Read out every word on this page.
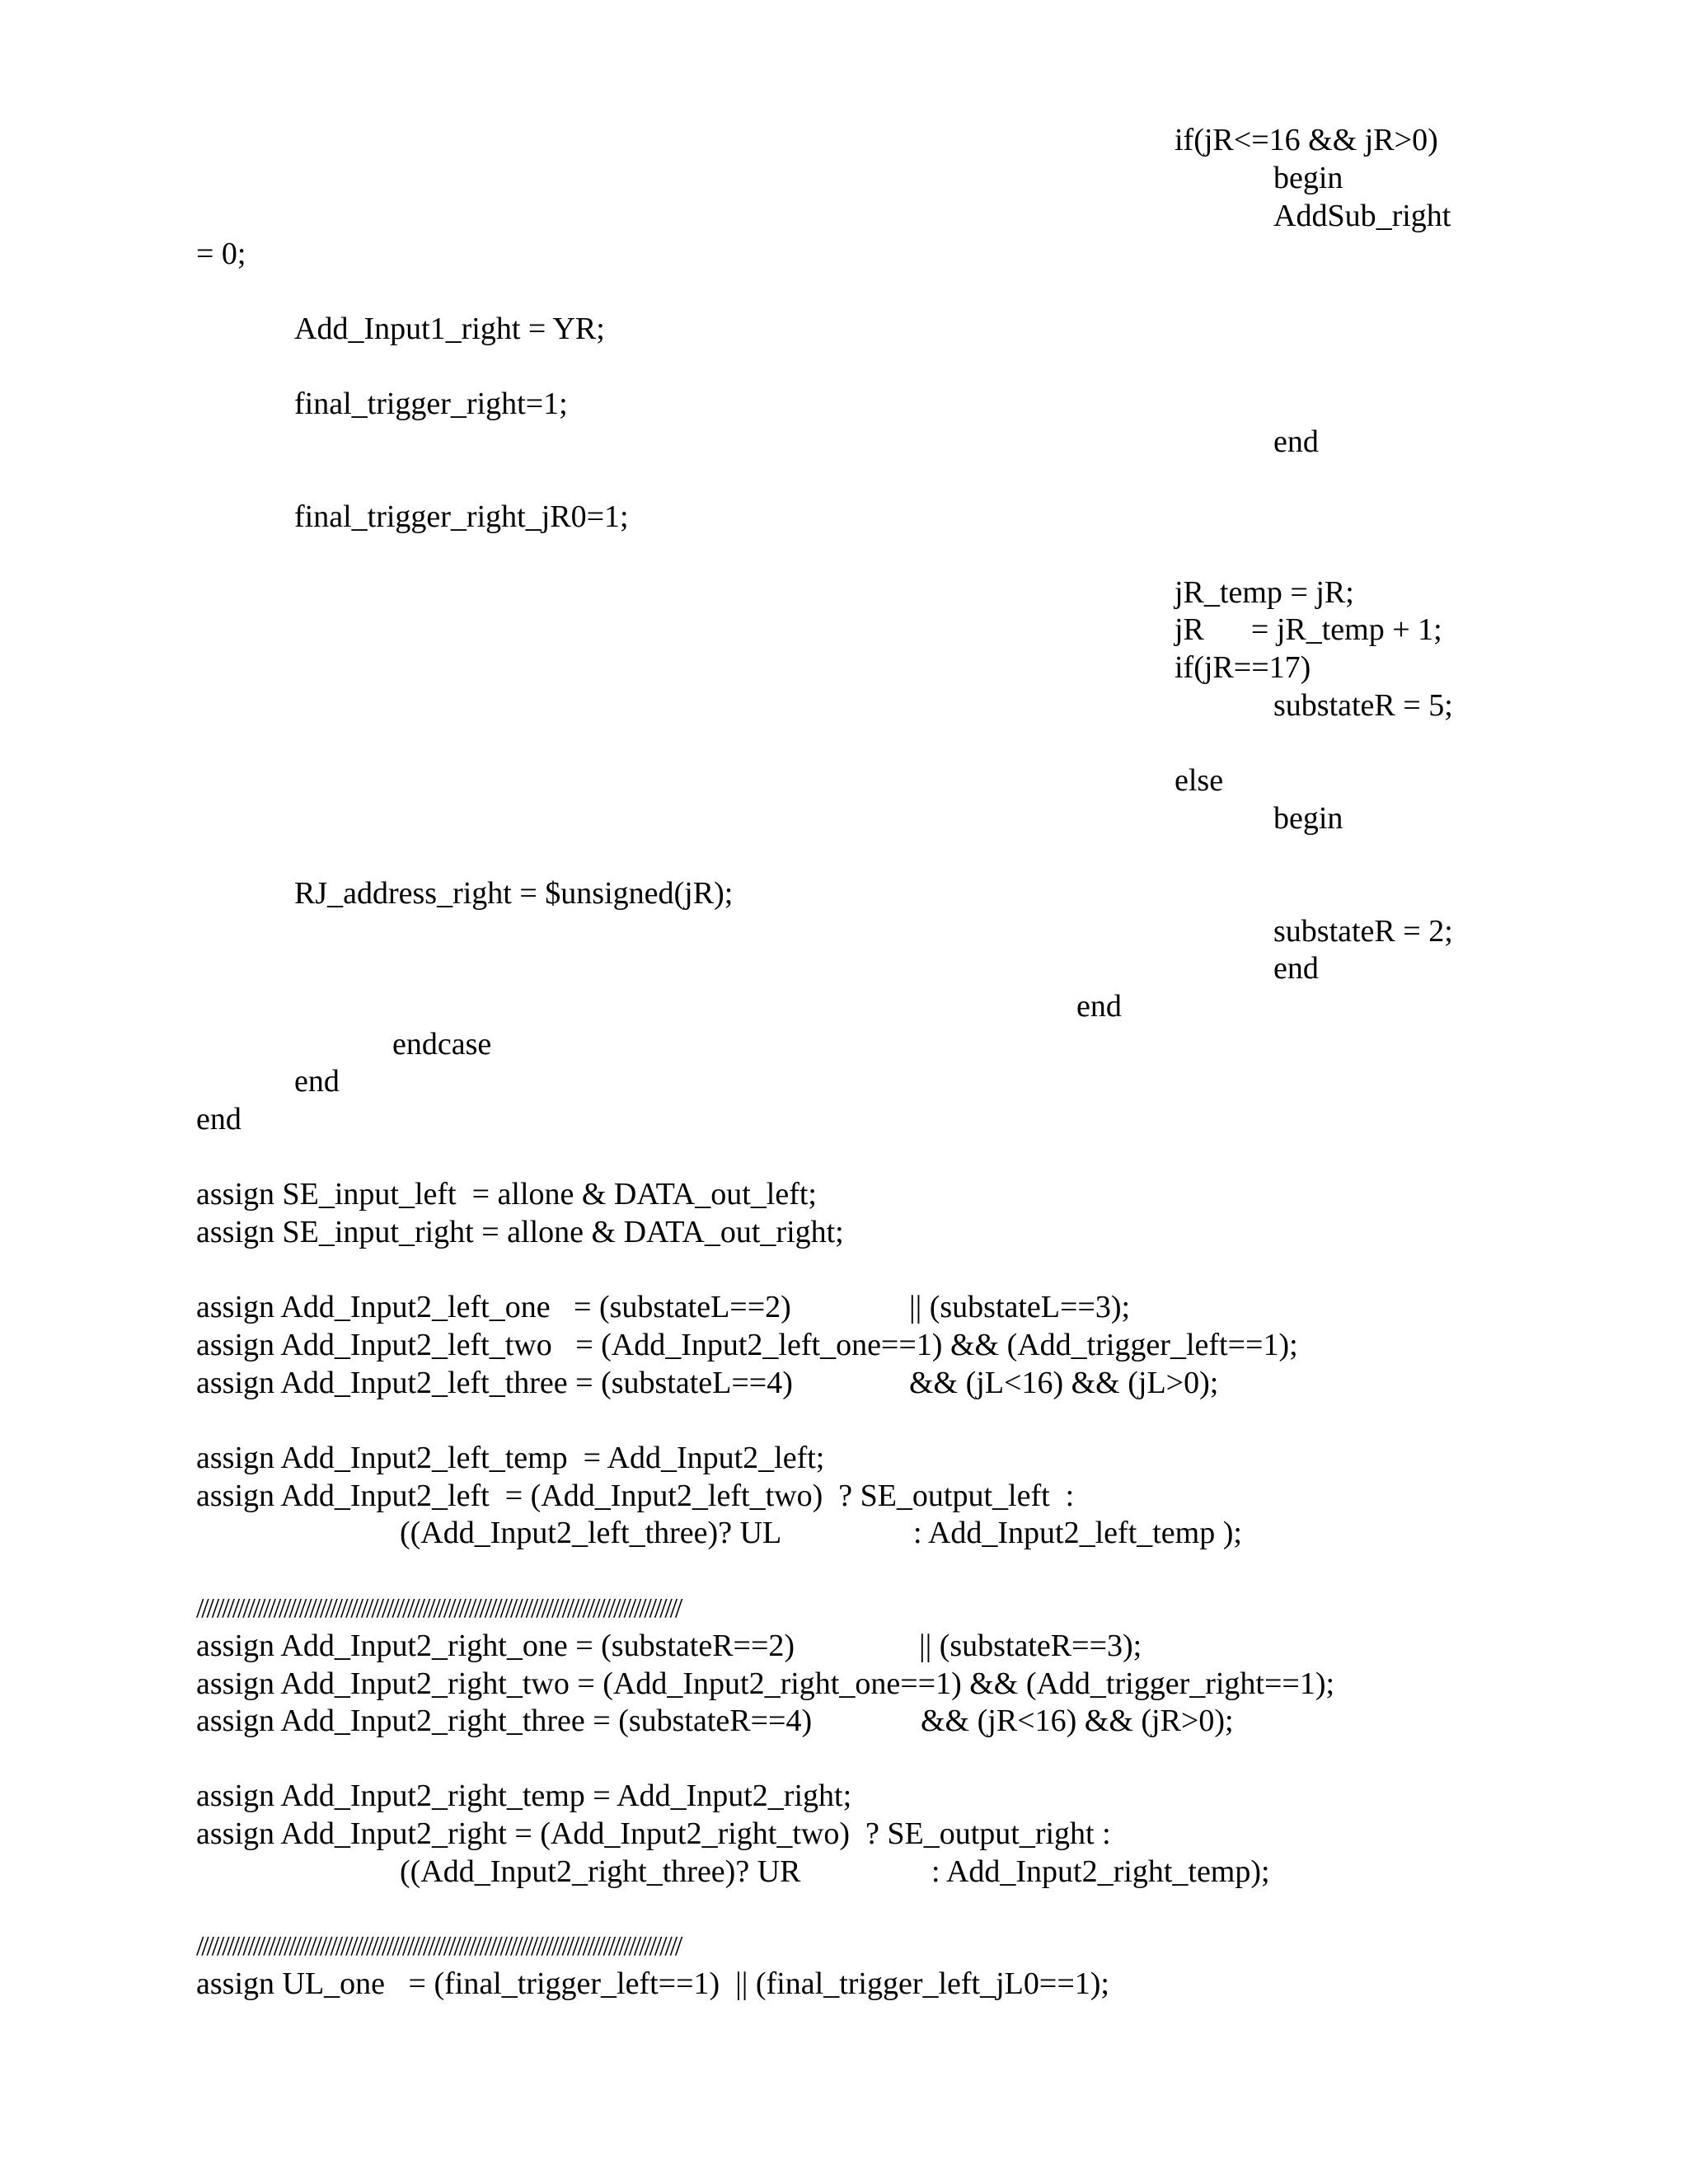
if(jR<=16 && jR>0)
begin
AddSub_right
= 0;
Add_Input1_right = YR;
final_trigger_right=1;
end
final_trigger_right_jR0=1;
jR_temp = jR;
jR      = jR_temp + 1;
if(jR==17)
substateR = 5;
else
begin
RJ_address_right = $unsigned(jR);
substateR = 2;
end
end
endcase
end
end
assign SE_input_left  = allone & DATA_out_left;
assign SE_input_right = allone & DATA_out_right;
assign Add_Input2_left_one   = (substateL==2)	|| (substateL==3);
assign Add_Input2_left_two   = (Add_Input2_left_one==1) && (Add_trigger_left==1);
assign Add_Input2_left_three = (substateL==4)	&& (jL<16) && (jL>0);
assign Add_Input2_left_temp  = Add_Input2_left;
assign Add_Input2_left  = (Add_Input2_left_two)  ? SE_output_left  :
((Add_Input2_left_three)? UL	: Add_Input2_left_temp );
//////////////////////////////////////////////////////////////////////////////////////////////
assign Add_Input2_right_one = (substateR==2)	|| (substateR==3);
assign Add_Input2_right_two = (Add_Input2_right_one==1) && (Add_trigger_right==1);
assign Add_Input2_right_three = (substateR==4)	&& (jR<16) && (jR>0);
assign Add_Input2_right_temp = Add_Input2_right;
assign Add_Input2_right = (Add_Input2_right_two)  ? SE_output_right :
((Add_Input2_right_three)? UR	: Add_Input2_right_temp);
//////////////////////////////////////////////////////////////////////////////////////////////
assign UL_one   = (final_trigger_left==1)  || (final_trigger_left_jL0==1);
